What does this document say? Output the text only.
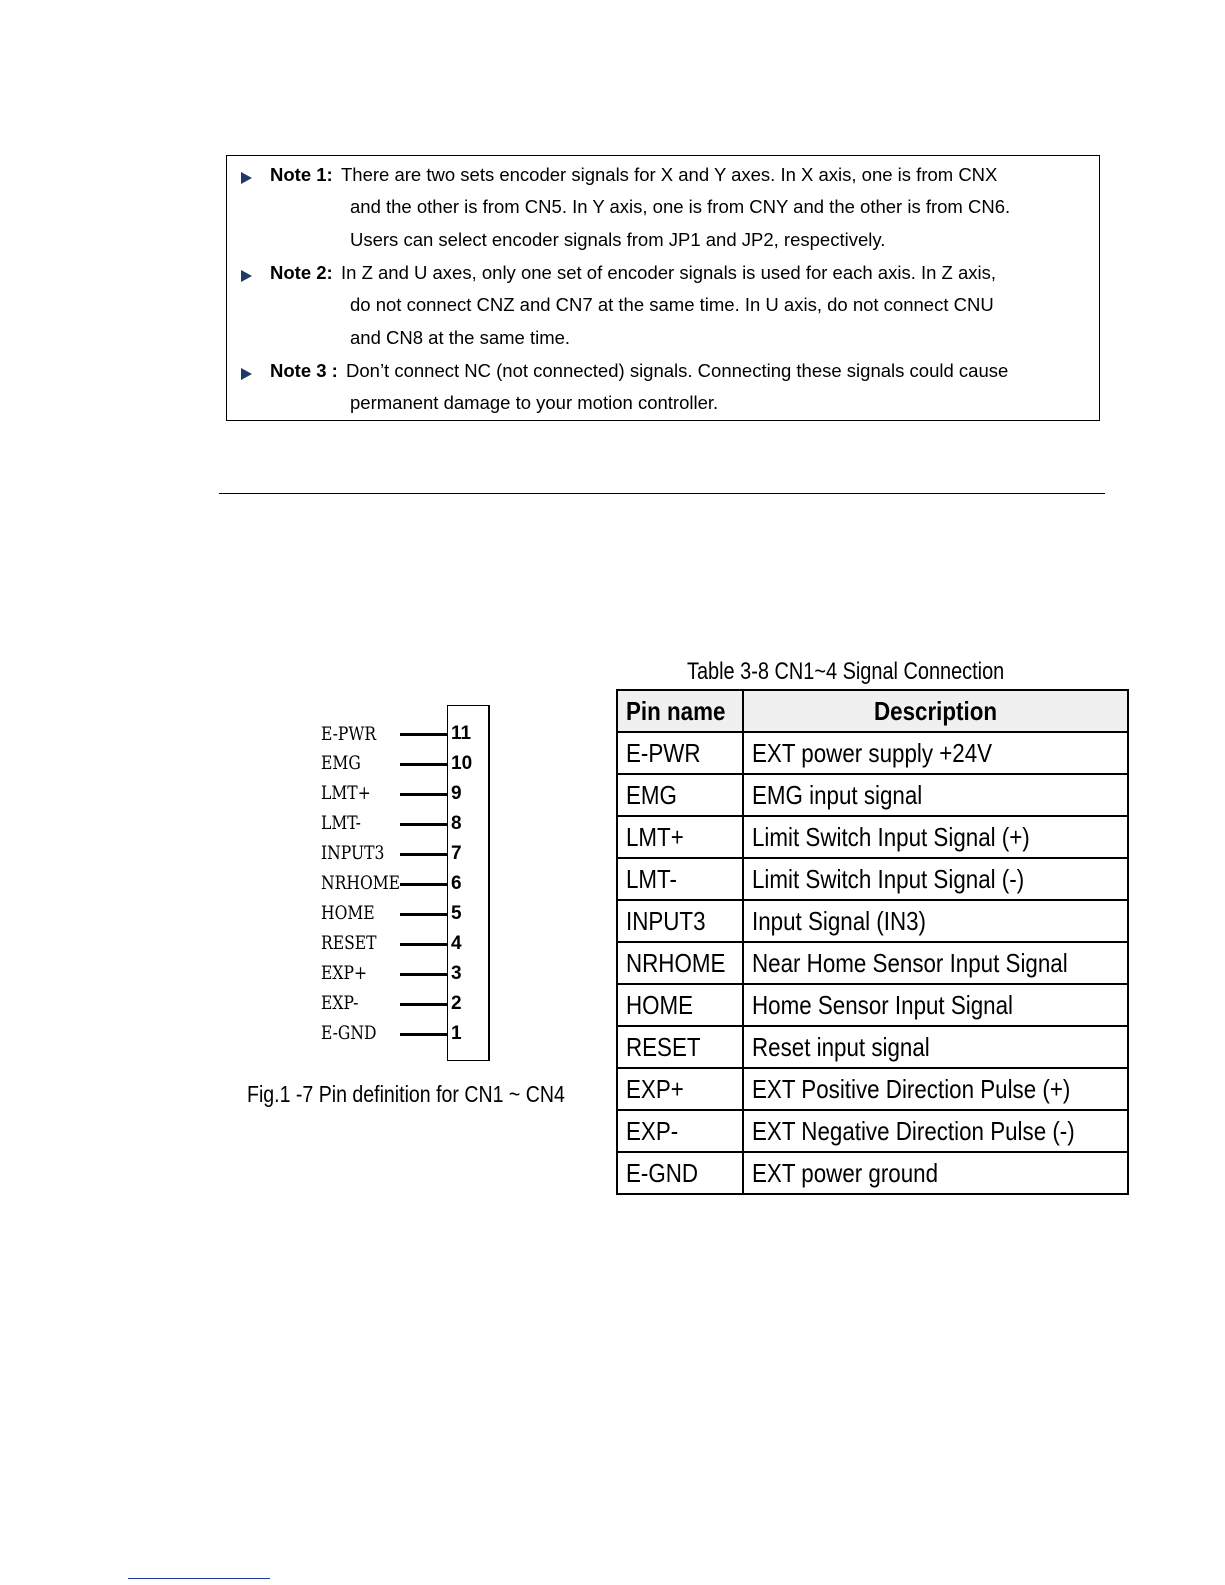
Note 1: There are two sets encoder signals for X and Y axes. In X axis, one is from CNX
and the other is from CN5. In Y axis, one is from CNY and the other is from CN6.
Users can select encoder signals from JP1 and JP2, respectively.
Note 2: In Z and U axes, only one set of encoder signals is used for each axis. In Z axis,
do not connect CNZ and CN7 at the same time. In U axis, do not connect CNU
and CN8 at the same time.
Note 3 : Don’t connect NC (not connected) signals. Connecting these signals could cause
permanent damage to your motion controller.
E-PWR	11
EMG	10
LMT+	9
LMT-	8
INPUT3	7
NRHOME	6
HOME	5
RESET	4
EXP+	3
EXP-	2
E-GND	1
Fig.1 -7 Pin definition for CN1 ~ CN4
Table 3-8 CN1~4 Signal Connection
Pin name	Description
E-PWR	EXT power supply +24V
EMG	EMG input signal
LMT+	Limit Switch Input Signal (+)
LMT-	Limit Switch Input Signal (-)
INPUT3	Input Signal (IN3)
NRHOME	Near Home Sensor Input Signal
HOME	Home Sensor Input Signal
RESET	Reset input signal
EXP+	EXT Positive Direction Pulse (+)
EXP-	EXT Negative Direction Pulse (-)
E-GND	EXT power ground
